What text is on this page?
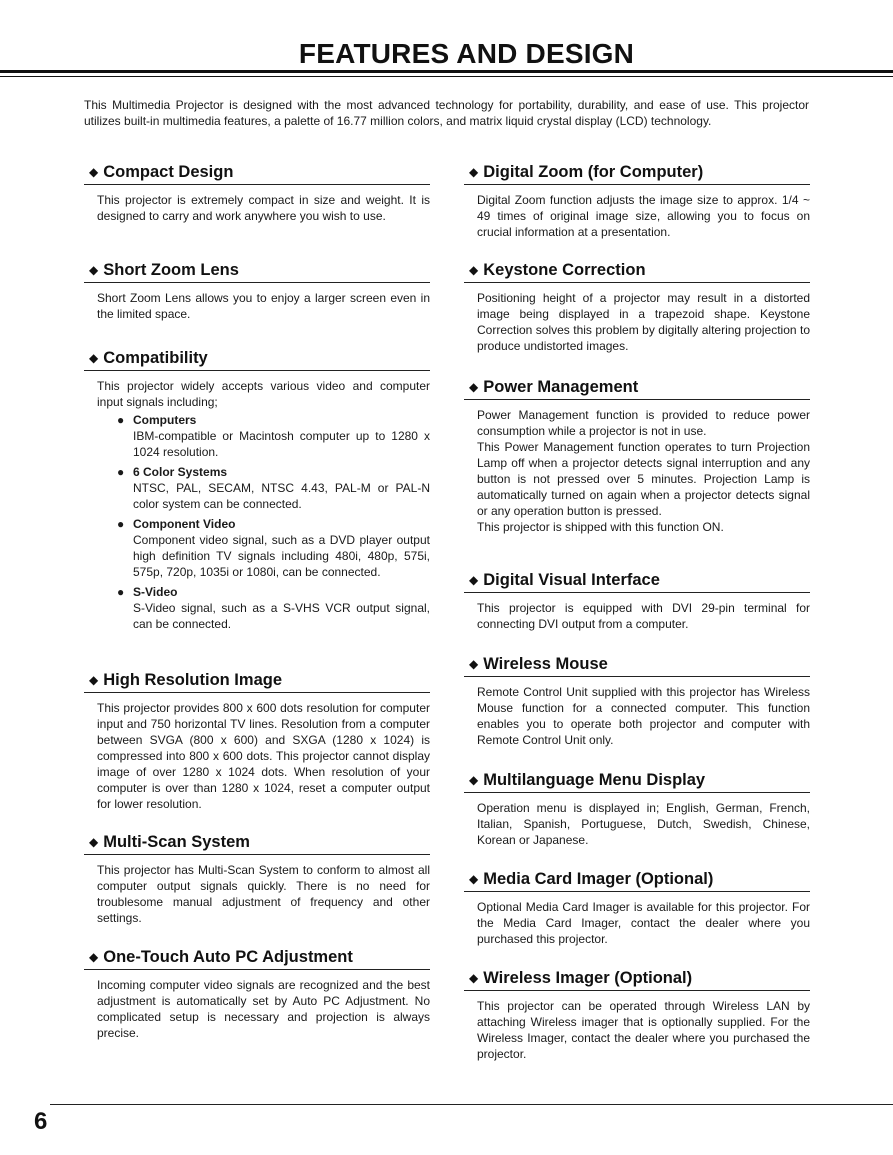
FEATURES AND DESIGN
This Multimedia Projector is designed with the most advanced technology for portability, durability, and ease of use. This projector utilizes built-in multimedia features, a palette of 16.77 million colors, and matrix liquid crystal display (LCD) technology.
◆ Compact Design
This projector is extremely compact in size and weight. It is designed to carry and work anywhere you wish to use.
◆ Short Zoom Lens
Short Zoom Lens allows you to enjoy a larger screen even in the limited space.
◆ Compatibility

This projector widely accepts various video and computer input signals including;

● Computers
IBM-compatible or Macintosh computer up to 1280 x 1024 resolution.
● 6 Color Systems
NTSC, PAL, SECAM, NTSC 4.43, PAL-M or PAL-N color system can be connected.
● Component Video
Component video signal, such as a DVD player output high definition TV signals including 480i, 480p, 575i, 575p, 720p, 1035i or 1080i, can be connected.
● S-Video
S-Video signal, such as a S-VHS VCR output signal, can be connected.
◆ High Resolution Image
This projector provides 800 x 600 dots resolution for computer input and 750 horizontal TV lines. Resolution from a computer between SVGA (800 x 600) and SXGA (1280 x 1024) is compressed into 800 x 600 dots. This projector cannot display image of over 1280 x 1024 dots. When resolution of your computer is over than 1280 x 1024, reset a computer output for lower resolution.
◆ Multi-Scan System
This projector has Multi-Scan System to conform to almost all computer output signals quickly. There is no need for troublesome manual adjustment of frequency and other settings.
◆ One-Touch Auto PC Adjustment
Incoming computer video signals are recognized and the best adjustment is automatically set by Auto PC Adjustment. No complicated setup is necessary and projection is always precise.
◆ Digital Zoom (for Computer)
Digital Zoom function adjusts the image size to approx. 1/4 ~ 49 times of original image size, allowing you to focus on crucial information at a presentation.
◆ Keystone Correction
Positioning height of a projector may result in a distorted image being displayed in a trapezoid shape. Keystone Correction solves this problem by digitally altering projection to produce undistorted images.
◆ Power Management

Power Management function is provided to reduce power consumption while a projector is not in use.

This Power Management function operates to turn Projection Lamp off when a projector detects signal interruption and any button is not pressed over 5 minutes. Projection Lamp is automatically turned on again when a projector detects signal or any operation button is pressed.

This projector is shipped with this function ON.

◆ Digital Visual Interface
This projector is equipped with DVI 29-pin terminal for connecting DVI output from a computer.
◆ Wireless Mouse
Remote Control Unit supplied with this projector has Wireless Mouse function for a connected computer. This function enables you to operate both projector and computer with Remote Control Unit only.
◆ Multilanguage Menu Display
Operation menu is displayed in; English, German, French, Italian, Spanish, Portuguese, Dutch, Swedish, Chinese, Korean or Japanese.
◆ Media Card Imager (Optional)
Optional Media Card Imager is available for this projector. For the Media Card Imager, contact the dealer where you purchased this projector.
◆ Wireless Imager (Optional)
This projector can be operated through Wireless LAN by attaching Wireless imager that is optionally supplied. For the Wireless Imager, contact the dealer where you purchased the projector.
6
